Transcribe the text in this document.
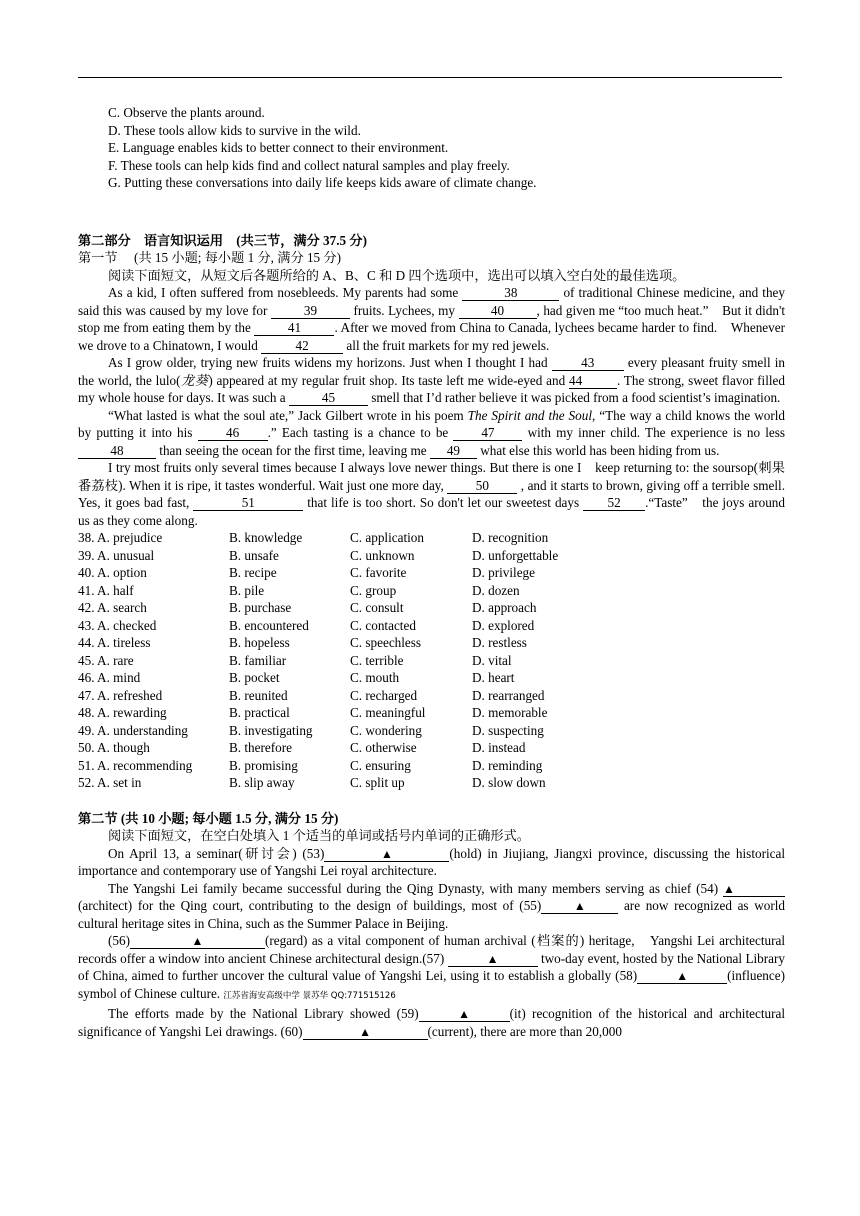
C. Observe the plants around.
D. These tools allow kids to survive in the wild.
E. Language enables kids to better connect to their environment.
F. These tools can help kids find and collect natural samples and play freely.
G. Putting these conversations into daily life keeps kids aware of climate change.
第二部分　语言知识运用　(共三节，满分 37.5 分)
第一节　 (共 15 小题; 每小题 1 分, 满分 15 分)
阅读下面短文，从短文后各题所给的 A、B、C 和 D 四个选项中，选出可以填入空白处的最佳选项。
As a kid, I often suffered from nosebleeds. My parents had some	38	of traditional Chinese medicine, and they said this was caused by my love for 39 fruits. Lychees, my 40 , had given me “too much heat.”　But it didn't stop me from eating them by the	41	. After we moved from China to Canada, lychees became harder to find.　Whenever we drove to a Chinatown, I would	42	all the fruit markets for my red jewels.
As I grow older, trying new fruits widens my horizons. Just when I thought I had 43 every pleasant fruity smell in the world, the lulo(龙葵) appeared at my regular fruit shop. Its taste left me wide-eyed and 44	. The strong, sweet flavor filled my whole house for days. It was such a 45 smell that I’d rather believe it was picked from a food scientist’s imagination.
“What lasted is what the soul ate,” Jack Gilbert wrote in his poem The Spirit and the Soul, “The way a child knows the world by putting it into his 46 .” Each tasting is a chance to be 47 with my inner child. The experience is no less 48 than seeing the ocean for the first time, leaving me 49 what else this world has been hiding from us.
I try most fruits only several times because I always love newer things. But there is one I　keep returning to: the soursop(刺果番荔枝). When it is ripe, it tastes wonderful. Wait just one more day, 50 , and it starts to brown, giving off a terrible smell. Yes, it goes bad fast,	51	that life is too short. So don't let our sweetest days 52 .“Taste”　the joys around us as they come along.
38. A. prejudice	B. knowledge	C. application	D. recognition
39. A. unusual	B. unsafe	C. unknown	D. unforgettable
40. A. option	B. recipe	C. favorite	D. privilege
41. A. half	B. pile	C. group	D. dozen
42. A. search	B. purchase	C. consult	D. approach
43. A. checked	B. encountered	C. contacted	D. explored
44. A. tireless	B. hopeless	C. speechless	D. restless
45. A. rare	B. familiar	C. terrible	D. vital
46. A. mind	B. pocket	C. mouth	D. heart
47. A. refreshed	B. reunited	C. recharged	D. rearranged
48. A. rewarding	B. practical	C. meaningful	D. memorable
49. A. understanding	B. investigating	C. wondering	D. suspecting
50. A. though	B. therefore	C. otherwise	D. instead
51. A. recommending	B. promising	C. ensuring	D. reminding
52. A. set in	B. slip away	C. split up	D. slow down
第二节 (共 10 小题; 每小题 1.5 分, 满分 15 分)
阅读下面短文，在空白处填入 1 个适当的单词或括号内单词的正确形式。
On April 13, a seminar(研讨会) (53)	▲	(hold) in Jiujiang, Jiangxi province, discussing the historical importance and contemporary use of Yangshi Lei royal architecture.
The Yangshi Lei family became successful during the Qing Dynasty, with many members serving as chief (54) ▲(architect) for the Qing court, contributing to the design of buildings, most of (55)	▲ are now recognized as world cultural heritage sites in China, such as the Summer Palace in Beijing.
(56)	▲	(regard) as a vital component of human archival (档案的) heritage,　Yangshi Lei architectural records offer a window into ancient Chinese architectural design.(57)	▲	two-day event, hosted by the National Library of China, aimed to further uncover the cultural value of Yangshi Lei, using it to establish a globally (58)	▲	(influence) symbol of Chinese culture. 江苏省海安高级中学 景苏华 QQ:771515126
The efforts made by the National Library showed (59)	▲	(it) recognition of the historical and architectural significance of Yangshi Lei drawings. (60)	▲	(current), there are more than 20,000
